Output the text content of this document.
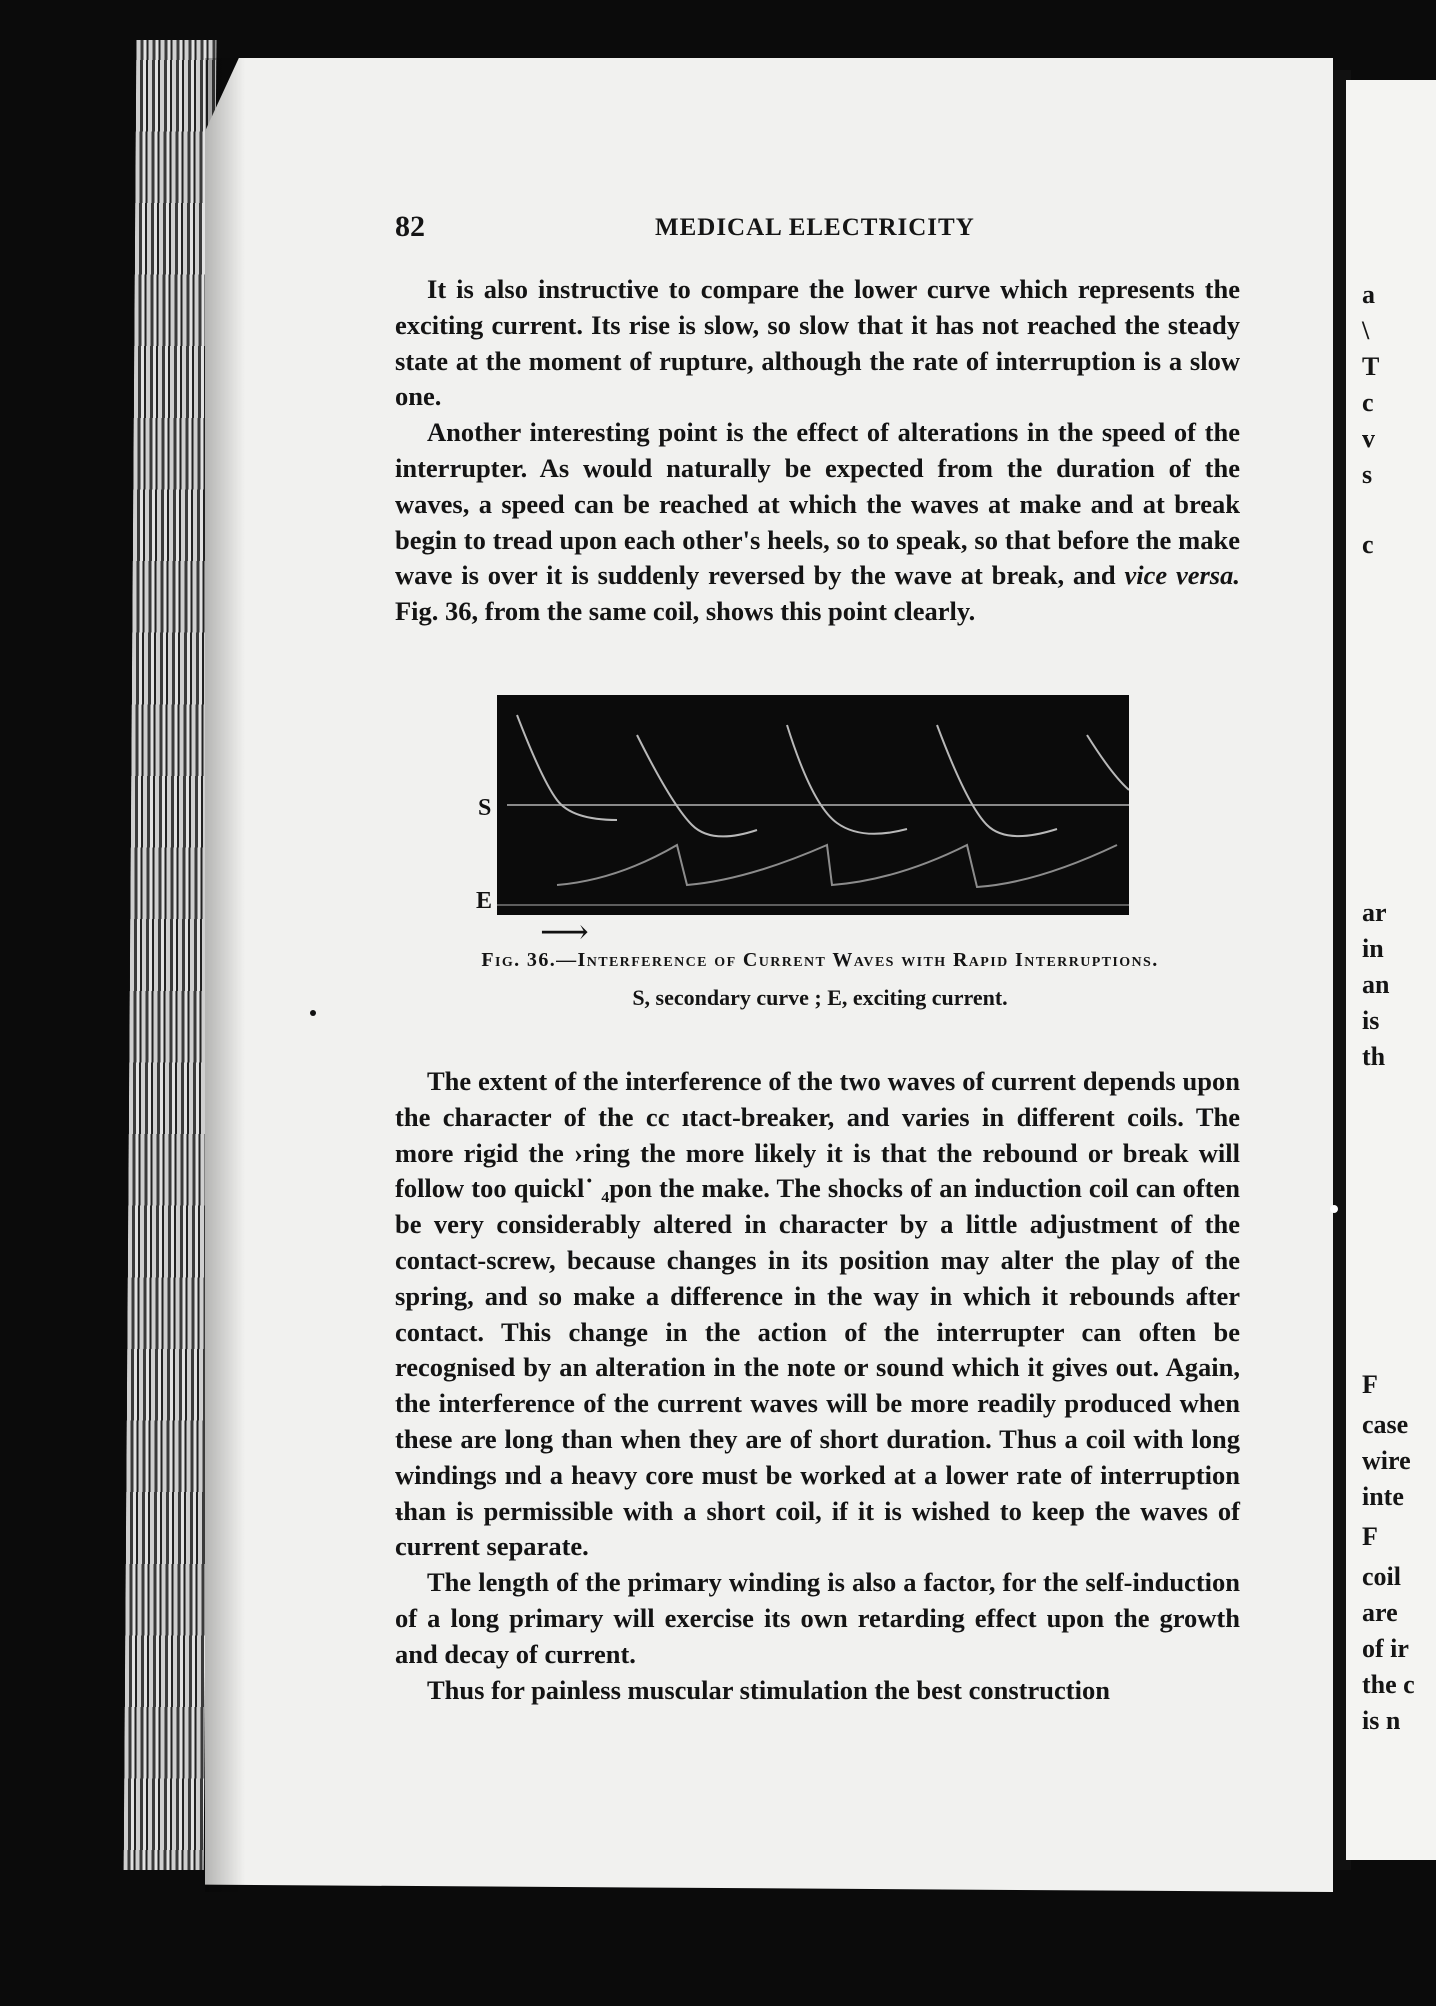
a
\
T
c
v
s
c
ar
in
an
is
th
F
case
wire
inte
F
coil
are
of ir
the c
is n
82	MEDICAL ELECTRICITY

It is also instructive to compare the lower curve which represents the exciting current. Its rise is slow, so slow that it has not reached the steady state at the moment of rupture, although the rate of interruption is a slow one.

Another interesting point is the effect of alterations in the speed of the interrupter. As would naturally be expected from the duration of the waves, a speed can be reached at which the waves at make and at break begin to tread upon each other's heels, so to speak, so that before the make wave is over it is suddenly reversed by the wave at break, and vice versa. Fig. 36, from the same coil, shows this point clearly.

S
E
⟶
Fig. 36.—Interference of Current Waves with Rapid Interruptions.
S, secondary curve ; E, exciting current.

The extent of the interference of the two waves of current depends upon the character of the cc ıtact-breaker, and varies in different coils. The more rigid the ›ring the more likely it is that the rebound or break will follow too quickl˙ ₄pon the make. The shocks of an induction coil can often be very considerably altered in character by a little adjustment of the contact-screw, because changes in its position may alter the play of the spring, and so make a difference in the way in which it rebounds after contact. This change in the action of the interrupter can often be recognised by an alteration in the note or sound which it gives out. Again, the interference of the current waves will be more readily produced when these are long than when they are of short duration. Thus a coil with long windings ınd a heavy core must be worked at a lower rate of interruption ᵼhan is permissible with a short coil, if it is wished to keep the waves of current separate.

The length of the primary winding is also a factor, for the self-induction of a long primary will exercise its own retarding effect upon the growth and decay of current.

Thus for painless muscular stimulation the best construction
